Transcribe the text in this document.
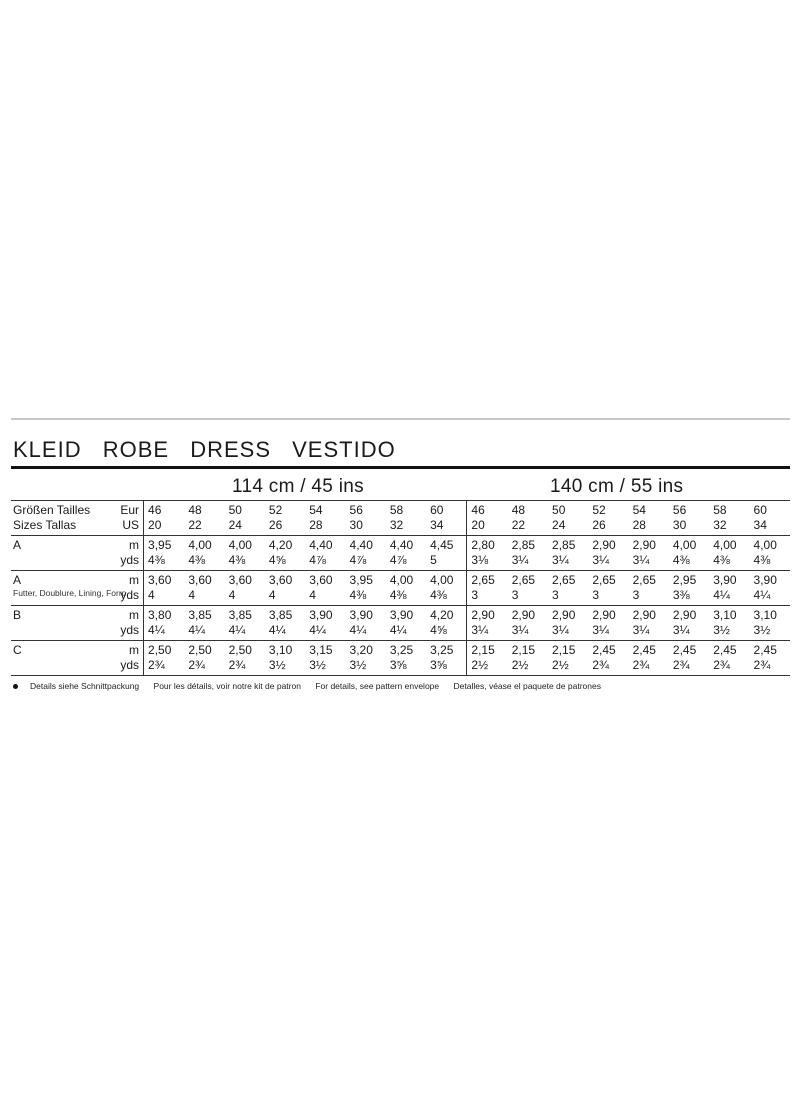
KLEID ROBE DRESS VESTIDO
114 cm / 45 ins	140 cm / 55 ins
Größen Tailles	Eur	46	48	50	52	54	56	58	60	46	48	50	52	54	56	58	60
Sizes Tallas	US	20	22	24	26	28	30	32	34	20	22	24	26	28	30	32	34
A	m	3,95	4,00	4,00	4,20	4,40	4,40	4,40	4,45	2,80	2,85	2,85	2,90	2,90	4,00	4,00	4,00
	yds	4⅜	4⅜	4⅜	4⅝	4⅞	4⅞	4⅞	5	3⅛	3¼	3¼	3¼	3¼	4⅜	4⅜	4⅜
A	m	3,60	3,60	3,60	3,60	3,60	3,95	4,00	4,00	2,65	2,65	2,65	2,65	2,65	2,95	3,90	3,90

Futter, Doublure, Lining, Forro	yds	4	4	4	4	4	4⅜	4⅜	4⅜	3	3	3	3	3	3⅜	4¼	4¼
B	m	3,80	3,85	3,85	3,85	3,90	3,90	3,90	4,20	2,90	2,90	2,90	2,90	2,90	2,90	3,10	3,10
	yds	4¼	4¼	4¼	4¼	4¼	4¼	4¼	4⅝	3¼	3¼	3¼	3¼	3¼	3¼	3½	3½
C	m	2,50	2,50	2,50	3,10	3,15	3,20	3,25	3,25	2,15	2,15	2,15	2,45	2,45	2,45	2,45	2,45
	yds	2¾	2¾	2¾	3½	3½	3½	3⅝	3⅝	2½	2½	2½	2¾	2¾	2¾	2¾	2¾
Details siehe Schnittpackung Pour les détails, voir notre kit de patron For details, see pattern envelope Detalles, véase el paquete de patrones
